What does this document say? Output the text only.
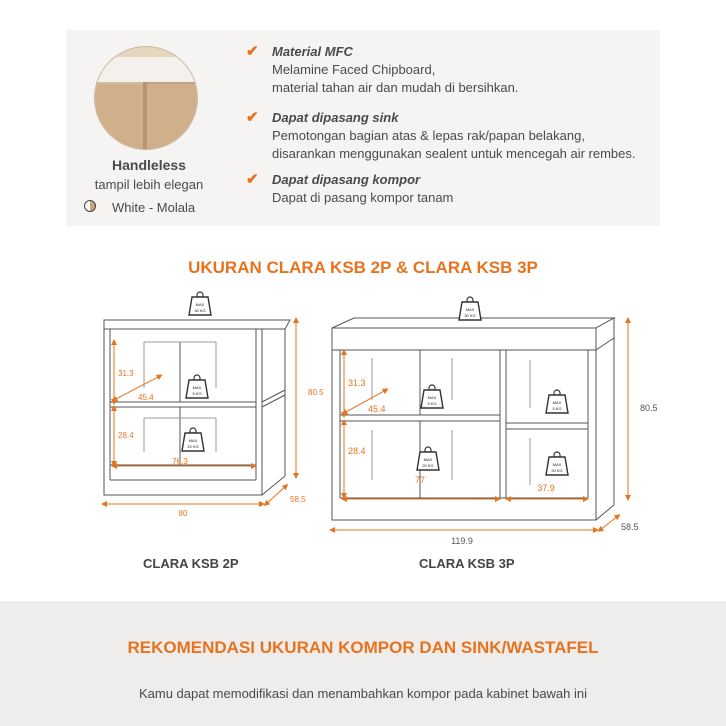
Handleless
tampil lebih elegan
White - Molala
✔ Material MFC
Melamine Faced Chipboard,
material tahan air dan mudah di bersihkan.
✔ Dapat dipasang sink
Pemotongan bagian atas & lepas rak/papan belakang,
disarankan menggunakan sealent untuk mencegah air rembes.
✔ Dapat dipasang kompor
Dapat di pasang kompor tanam
UKURAN CLARA KSB 2P & CLARA KSB 3P
31.3
28.4
45.4
76.3
80
58.5
80.5
MAX
30 KG
MAX
5 KG
MAX
20 KG
31.3
28.4
45.4
77
37.9
119.9
58.5
80.5
MAX
30 KG
MAX
5 KG
MAX
20 KG
MAX
5 KG
MAX
20 KG
CLARA KSB 2P	CLARA KSB 3P
REKOMENDASI UKURAN KOMPOR DAN SINK/WASTAFEL
Kamu dapat memodifikasi dan menambahkan kompor pada kabinet bawah ini
